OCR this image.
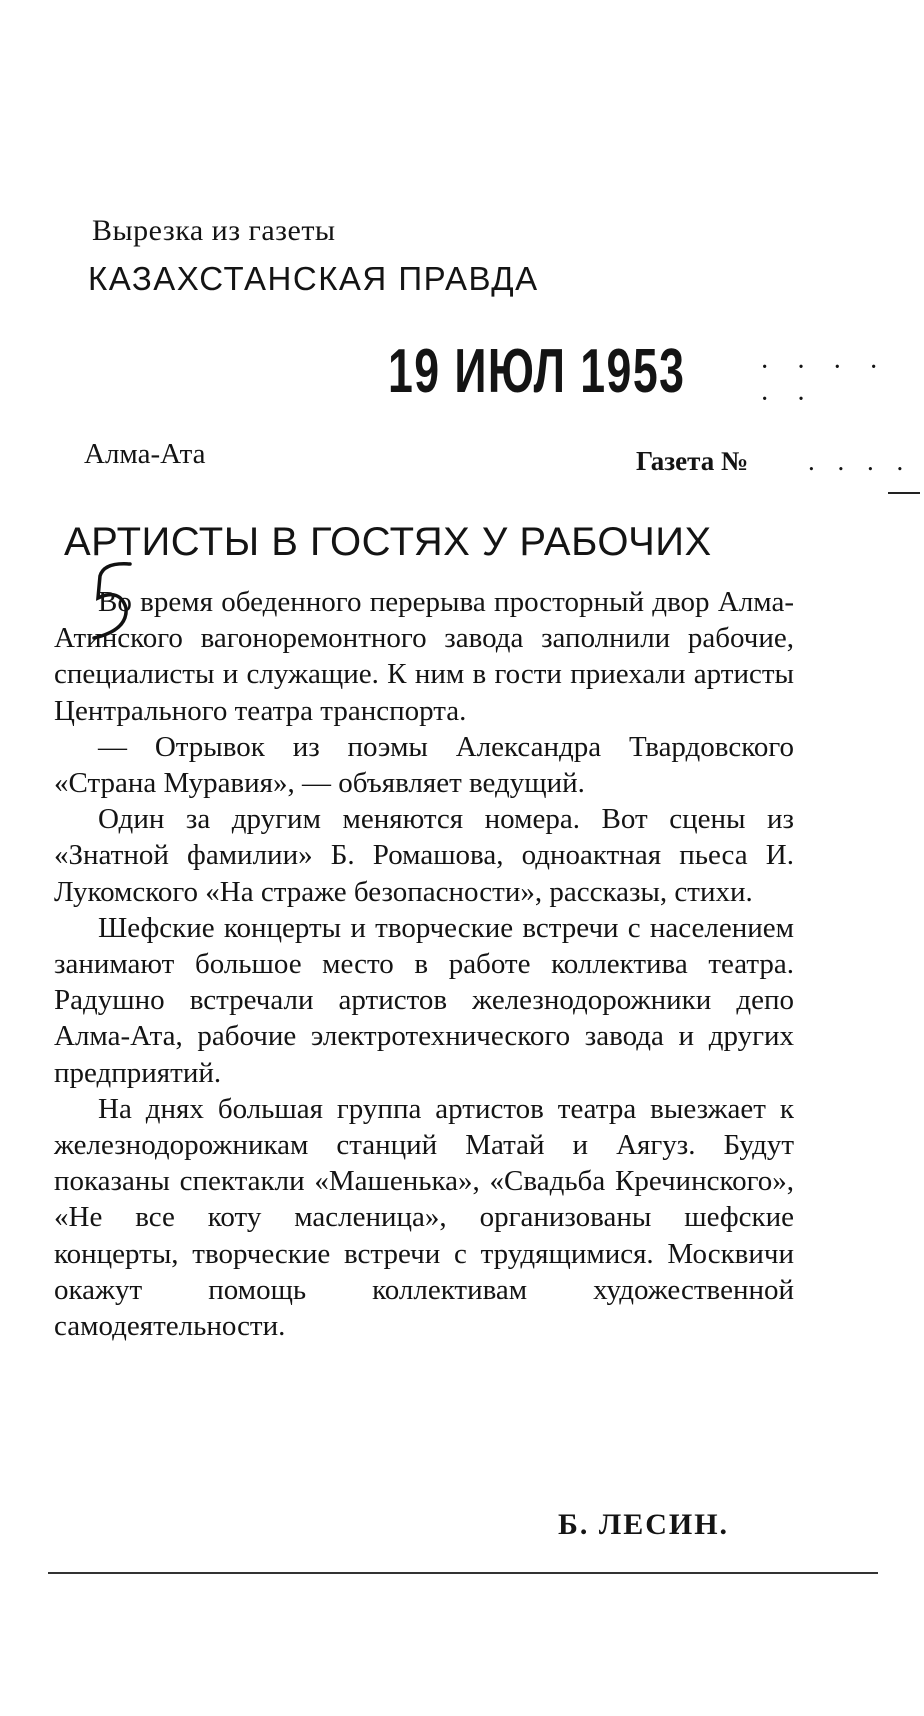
Вырезка из газеты
КАЗАХСТАНСКАЯ ПРАВДА
19 ИЮЛ 1953	· · · · · ·
Алма-Ата	Газета № . . . .
АРТИСТЫ В ГОСТЯХ У РАБОЧИХ

Во время обеденного перерыва просторный двор Алма-Атинского вагоноремонтного завода заполнили рабочие, специалисты и служащие. К ним в гости приехали артисты Центрального театра транспорта.

— Отрывок из поэмы Александра Твардовского «Страна Муравия», — объявляет ведущий.

Один за другим меняются номера. Вот сцены из «Знатной фамилии» Б. Ромашова, одноактная пьеса И. Лукомского «На страже безопасности», рассказы, стихи.

Шефские концерты и творческие встречи с населением занимают большое место в работе коллектива театра. Радушно встречали артистов железнодорожники депо Алма-Ата, рабочие электротехнического завода и других предприятий.

На днях большая группа артистов театра выезжает к железнодорожникам станций Матай и Аягуз. Будут показаны спектакли «Машенька», «Свадьба Кречинского», «Не все коту масленица», организованы шефские концерты, творческие встречи с трудящимися. Москвичи окажут помощь коллективам художественной самодеятельности.

Б. ЛЕСИН.
